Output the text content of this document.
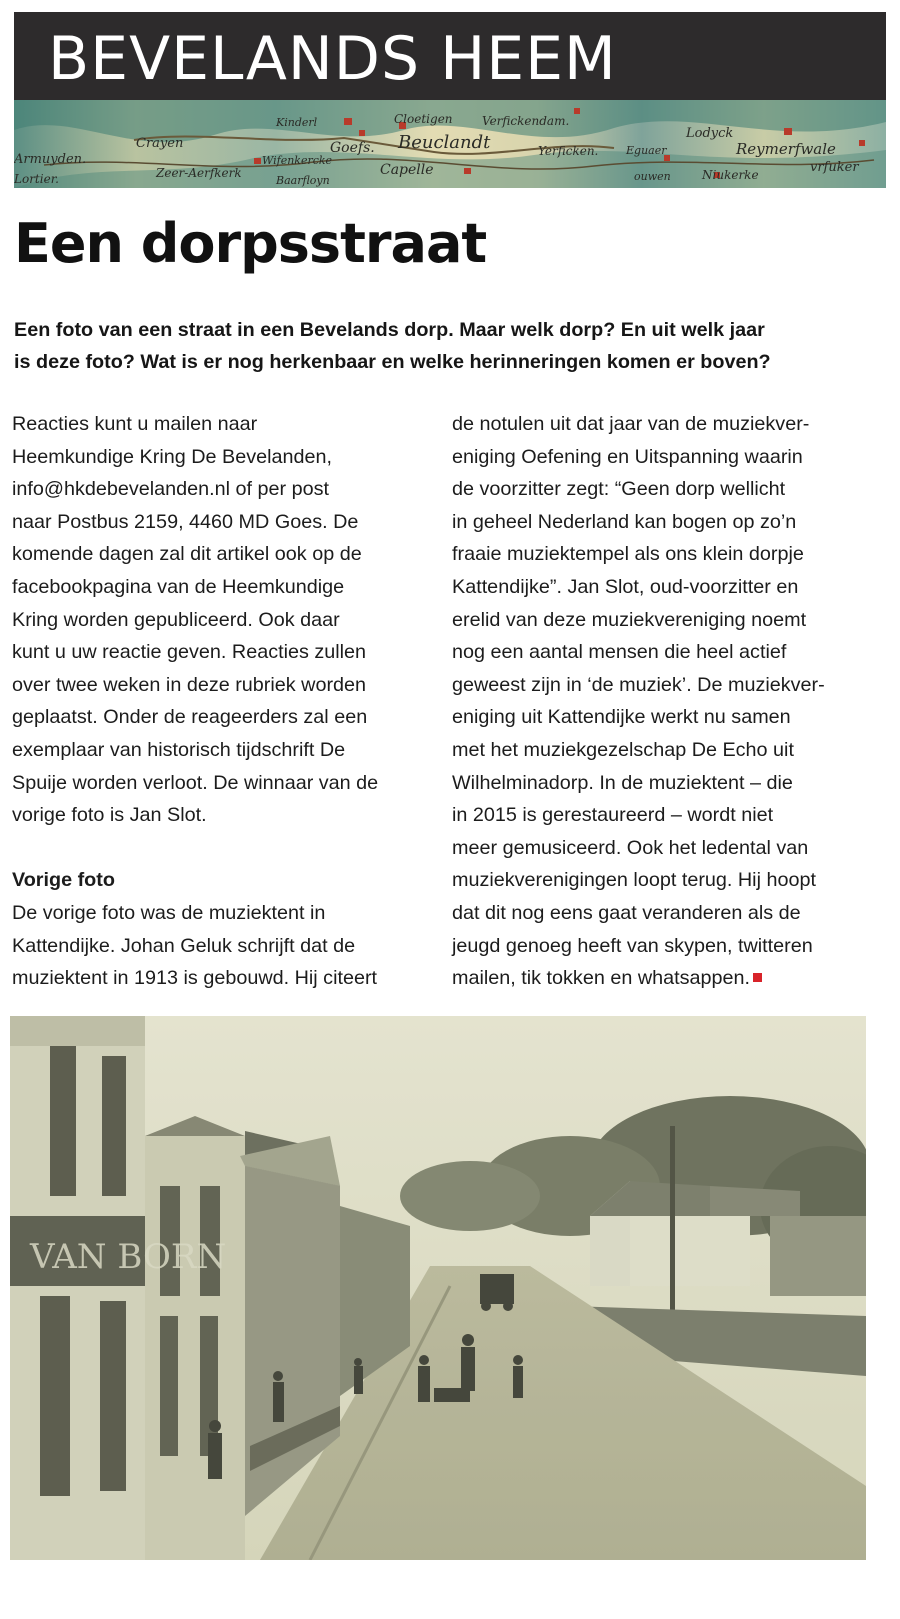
BEVELANDS HEEM
Armuyden.
Lortier.
Crayen
Zeer-Aerfkerk
Kinderl
Wifenkercke
Goefs.
Baarfloyn
Cloetigen Verfickendam.
Beuclandt
Capelle
Yerficken.	Eguaer
Lodyck
Reymerfwale
vrfuker
Niukerke
ouwen
Een dorpsstraat
Een foto van een straat in een Bevelands dorp. Maar welk dorp? En uit welk jaar
is deze foto? Wat is er nog herkenbaar en welke herinneringen komen er boven?
Reacties kunt u mailen naar
Heemkundige Kring De Bevelanden,
info@hkdebevelanden.nl of per post
naar Postbus 2159, 4460 MD Goes. De
komende dagen zal dit artikel ook op de
facebookpagina van de Heemkundige
Kring worden gepubliceerd. Ook daar
kunt u uw reactie geven. Reacties zullen
over twee weken in deze rubriek worden
geplaatst. Onder de reageerders zal een
exemplaar van historisch tijdschrift De
Spuije worden verloot. De winnaar van de
vorige foto is Jan Slot.
Vorige foto
De vorige foto was de muziektent in
Kattendijke. Johan Geluk schrijft dat de
muziektent in 1913 is gebouwd. Hij citeert
de notulen uit dat jaar van de muziekver-
eniging Oefening en Uitspanning waarin
de voorzitter zegt: “Geen dorp wellicht
in geheel Nederland kan bogen op zo’n
fraaie muziektempel als ons klein dorpje
Kattendijke”. Jan Slot, oud-voorzitter en
erelid van deze muziekvereniging noemt
nog een aantal mensen die heel actief
geweest zijn in ‘de muziek’. De muziekver-
eniging uit Kattendijke werkt nu samen
met het muziekgezelschap De Echo uit
Wilhelminadorp. In de muziektent – die
in 2015 is gerestaureerd – wordt niet
meer gemusiceerd. Ook het ledental van
muziekverenigingen loopt terug. Hij hoopt
dat dit nog eens gaat veranderen als de
jeugd genoeg heeft van skypen, twitteren
mailen, tik tokken en whatsappen.
VAN BORN
